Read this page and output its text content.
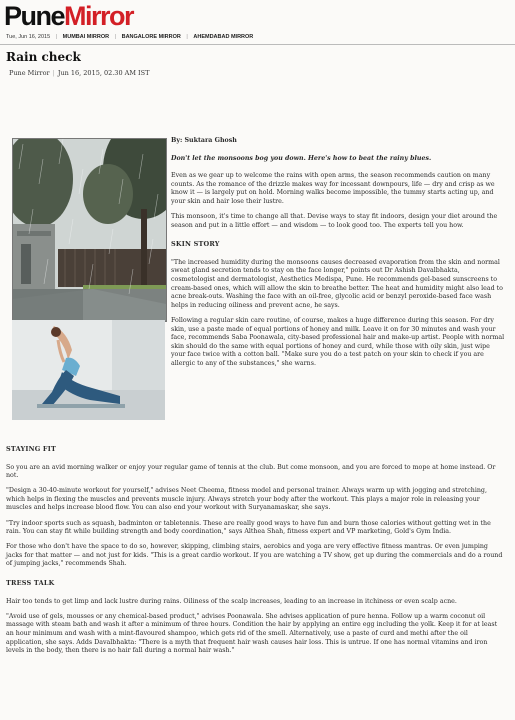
PuneMirror
Tue, Jun 16, 2015 | MUMBAI MIRROR | BANGALORE MIRROR | AHEMDABAD MIRROR
Rain check
Pune Mirror | Jun 16, 2015, 02.30 AM IST

By: Suktara Ghosh

Don't let the monsoons bog you down. Here's how to beat the rainy blues.

Even as we gear up to welcome the rains with open arms, the season recommends caution on many counts. As the romance of the drizzle makes way for incessant downpours, life — dry and crisp as we know it — is largely put on hold. Morning walks become impossible, the tummy starts acting up, and your skin and hair lose their lustre.

This monsoon, it's time to change all that. Devise ways to stay fit indoors, design your diet around the season and put in a little effort — and wisdom — to look good too. The experts tell you how.

SKIN STORY

"The increased humidity during the monsoons causes decreased evaporation from the skin and normal sweat gland secretion tends to stay on the face longer," points out Dr Ashish Davalbhakta, cosmetologist and dermatologist, Aesthetics Medispa, Pune. He recommends gel-based sunscreens to cream-based ones, which will allow the skin to breathe better. The heat and humidity might also lead to acne break-outs. Washing the face with an oil-free, glycolic acid or benzyl peroxide-based face wash helps in reducing oiliness and prevent acne, he says.

Following a regular skin care routine, of course, makes a huge difference during this season. For dry skin, use a paste made of equal portions of honey and milk. Leave it on for 30 minutes and wash your face, recommends Saba Poonawala, city-based professional hair and make-up artist. People with normal skin should do the same with equal portions of honey and curd, while those with oily skin, just wipe your face twice with a cotton ball. "Make sure you do a test patch on your skin to check if you are allergic to any of the substances," she warns.

STAYING FIT

So you are an avid morning walker or enjoy your regular game of tennis at the club. But come monsoon, and you are forced to mope at home instead. Or not.

"Design a 30-40-minute workout for yourself," advises Neet Cheema, fitness model and personal trainer. Always warm up with jogging and stretching, which helps in flexing the muscles and prevents muscle injury. Always stretch your body after the workout. This plays a major role in releasing your muscles and helps increase blood flow. You can also end your workout with Suryanamaskar, she says.

"Try indoor sports such as squash, badminton or tabletennis. These are really good ways to have fun and burn those calories without getting wet in the rain. You can stay fit while building strength and body coordination," says Althea Shah, fitness expert and VP marketing, Gold's Gym India.

For those who don't have the space to do so, however, skipping, climbing stairs, aerobics and yoga are very effective fitness mantras. Or even jumping jacks for that matter — and not just for kids. "This is a great cardio workout. If you are watching a TV show, get up during the commercials and do a round of jumping jacks," recommends Shah.

TRESS TALK

Hair too tends to get limp and lack lustre during rains. Oiliness of the scalp increases, leading to an increase in itchiness or even scalp acne.

"Avoid use of gels, mousses or any chemical-based product," advises Poonawala. She advises application of pure henna. Follow up a warm coconut oil massage with steam bath and wash it after a minimum of three hours. Condition the hair by applying an entire egg including the yolk. Keep it for at least an hour minimum and wash with a mint-flavoured shampoo, which gets rid of the smell. Alternatively, use a paste of curd and methi after the oil application, she says. Adds Davalbhakta: "There is a myth that frequent hair wash causes hair loss. This is untrue. If one has normal vitamins and iron levels in the body, then there is no hair fall during a normal hair wash."
